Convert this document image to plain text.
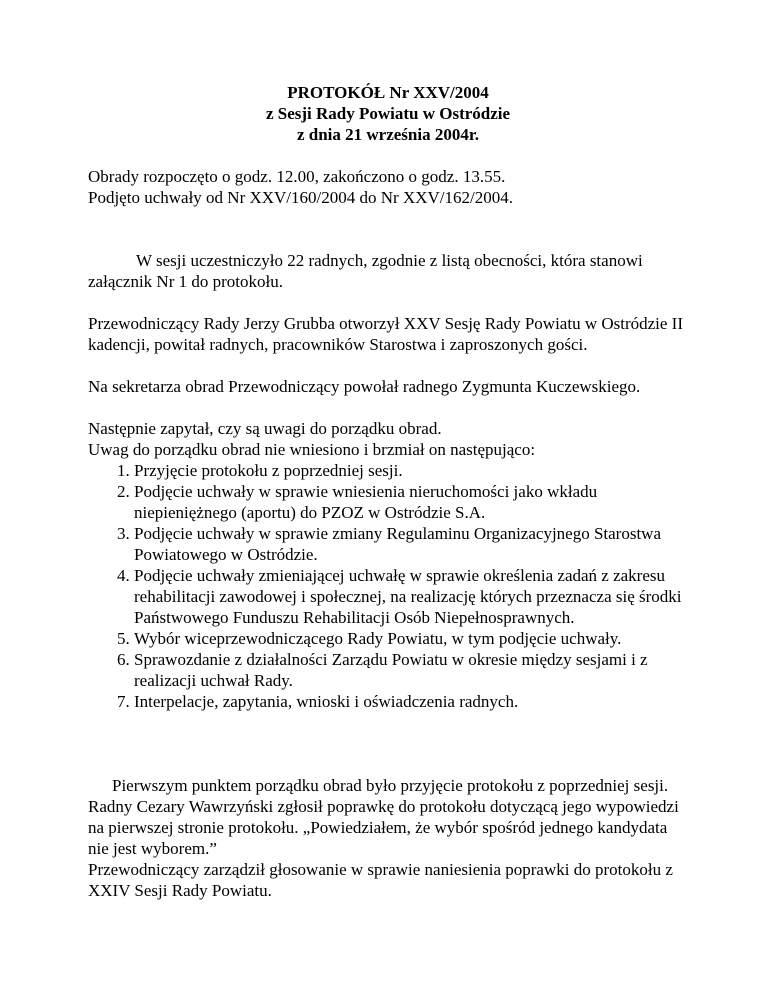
PROTOKÓŁ Nr XXV/2004
z Sesji Rady Powiatu w Ostródzie
z dnia 21 września 2004r.

Obrady rozpoczęto o godz. 12.00, zakończono o godz. 13.55.

Podjęto uchwały od Nr XXV/160/2004 do Nr XXV/162/2004.

W sesji uczestniczyło 22 radnych, zgodnie z listą obecności, która stanowi załącznik Nr 1 do protokołu.

Przewodniczący Rady Jerzy Grubba otworzył XXV Sesję Rady Powiatu w Ostródzie II kadencji, powitał radnych, pracowników Starostwa i zaproszonych gości.

Na sekretarza obrad Przewodniczący powołał radnego Zygmunta Kuczewskiego.

Następnie zapytał, czy są uwagi do porządku obrad.

Uwag do porządku obrad nie wniesiono i brzmiał on następująco:

1. Przyjęcie protokołu z poprzedniej sesji.
2. Podjęcie uchwały w sprawie wniesienia nieruchomości jako wkładu niepieniężnego (aportu) do PZOZ w Ostródzie S.A.
3. Podjęcie uchwały w sprawie zmiany Regulaminu Organizacyjnego Starostwa Powiatowego w Ostródzie.
4. Podjęcie uchwały zmieniającej uchwałę w sprawie określenia zadań z zakresu rehabilitacji zawodowej i społecznej, na realizację których przeznacza się środki Państwowego Funduszu Rehabilitacji Osób Niepełnosprawnych.
5. Wybór wiceprzewodniczącego Rady Powiatu, w tym podjęcie uchwały.
6. Sprawozdanie z działalności Zarządu Powiatu w okresie między sesjami i z realizacji uchwał Rady.
7. Interpelacje, zapytania, wnioski i oświadczenia radnych.

Pierwszym punktem porządku obrad było przyjęcie protokołu z poprzedniej sesji.

Radny Cezary Wawrzyński zgłosił poprawkę do protokołu dotyczącą jego wypowiedzi na pierwszej stronie protokołu. „Powiedziałem, że wybór spośród jednego kandydata nie jest wyborem.”

Przewodniczący zarządził głosowanie w sprawie naniesienia poprawki do protokołu z XXIV Sesji Rady Powiatu.
